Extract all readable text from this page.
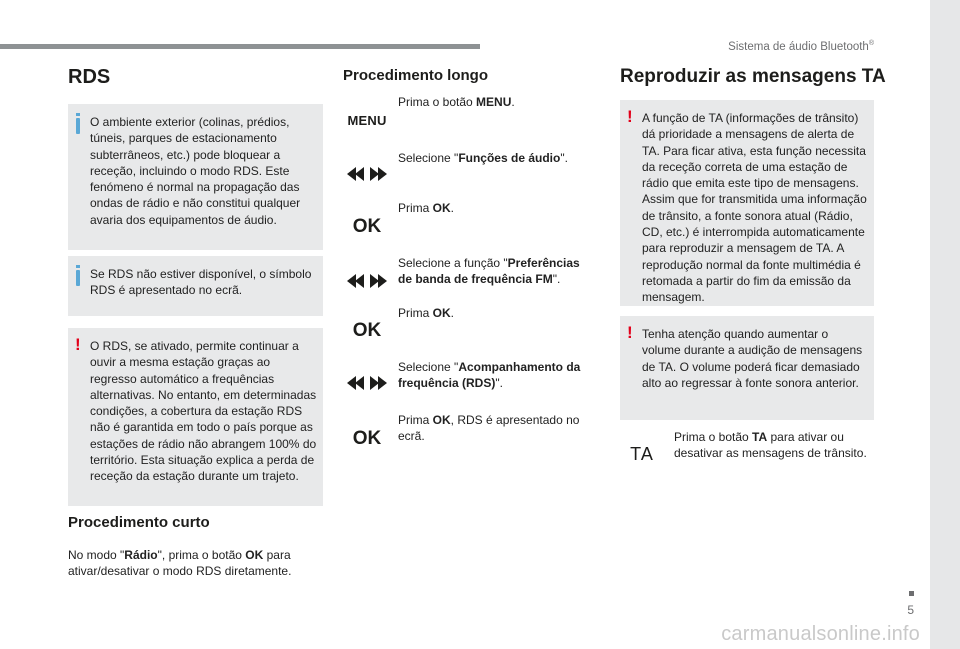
Sistema de áudio Bluetooth®
5
carmanualsonline.info
RDS
O ambiente exterior (colinas, prédios, túneis, parques de estacionamento subterrâneos, etc.) pode bloquear a receção, incluindo o modo RDS. Este fenómeno é normal na propagação das ondas de rádio e não constitui qualquer avaria dos equipamentos de áudio.
Se RDS não estiver disponível, o símbolo RDS é apresentado no ecrã.
! O RDS, se ativado, permite continuar a ouvir a mesma estação graças ao regresso automático a frequências alternativas. No entanto, em determinadas condições, a cobertura da estação RDS não é garantida em todo o país porque as estações de rádio não abrangem 100% do território. Esta situação explica a perda de receção da estação durante um trajeto.
Procedimento curto
No modo "Rádio", prima o botão OK para ativar/desativar o modo RDS diretamente.
Procedimento longo
MENU
Prima o botão MENU.
Selecione "Funções de áudio".
OK
Prima OK.
Selecione a função "Preferências de banda de frequência FM".
OK
Prima OK.
Selecione "Acompanhamento da frequência (RDS)".
OK
Prima OK, RDS é apresentado no ecrã.
Reproduzir as mensagens TA
! A função de TA (informações de trânsito) dá prioridade a mensagens de alerta de TA. Para ficar ativa, esta função necessita da receção correta de uma estação de rádio que emita este tipo de mensagens. Assim que for transmitida uma informação de trânsito, a fonte sonora atual (Rádio, CD, etc.) é interrompida automaticamente para reproduzir a mensagem de TA. A reprodução normal da fonte multimédia é retomada a partir do fim da emissão da mensagem.
! Tenha atenção quando aumentar o volume durante a audição de mensagens de TA. O volume poderá ficar demasiado alto ao regressar à fonte sonora anterior.
TA
Prima o botão TA para ativar ou desativar as mensagens de trânsito.
